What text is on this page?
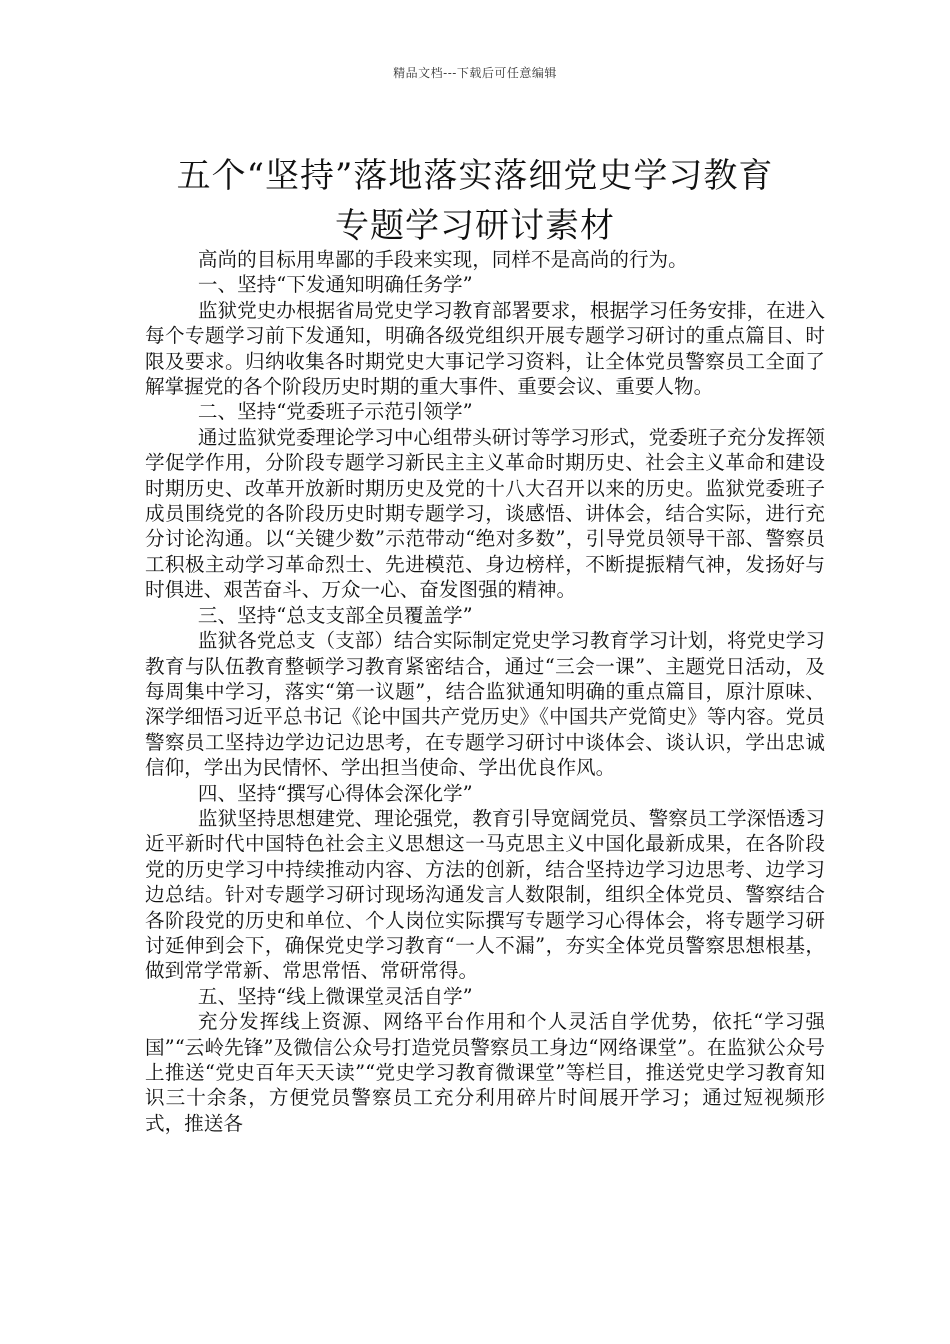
精品文档---下载后可任意编辑
五个“坚持”落地落实落细党史学习教育
专题学习研讨素材

高尚的目标用卑鄙的手段来实现，同样不是高尚的行为。

一、坚持“下发通知明确任务学”

监狱党史办根据省局党史学习教育部署要求，根据学习任务安排，在进入每个专题学习前下发通知，明确各级党组织开展专题学习研讨的重点篇目、时限及要求。归纳收集各时期党史大事记学习资料，让全体党员警察员工全面了解掌握党的各个阶段历史时期的重大事件、重要会议、重要人物。

二、坚持“党委班子示范引领学”

通过监狱党委理论学习中心组带头研讨等学习形式，党委班子充分发挥领学促学作用，分阶段专题学习新民主主义革命时期历史、社会主义革命和建设时期历史、改革开放新时期历史及党的十八大召开以来的历史。监狱党委班子成员围绕党的各阶段历史时期专题学习，谈感悟、讲体会，结合实际，进行充分讨论沟通。以“关键少数”示范带动“绝对多数”，引导党员领导干部、警察员工积极主动学习革命烈士、先进模范、身边榜样，不断提振精气神，发扬好与时俱进、艰苦奋斗、万众一心、奋发图强的精神。

三、坚持“总支支部全员覆盖学”

监狱各党总支（支部）结合实际制定党史学习教育学习计划，将党史学习教育与队伍教育整顿学习教育紧密结合，通过“三会一课”、主题党日活动，及每周集中学习，落实“第一议题”，结合监狱通知明确的重点篇目，原汁原味、深学细悟习近平总书记《论中国共产党历史》《中国共产党简史》等内容。党员警察员工坚持边学边记边思考，在专题学习研讨中谈体会、谈认识，学出忠诚信仰，学出为民情怀、学出担当使命、学出优良作风。

四、坚持“撰写心得体会深化学”

监狱坚持思想建党、理论强党，教育引导宽阔党员、警察员工学深悟透习近平新时代中国特色社会主义思想这一马克思主义中国化最新成果，在各阶段党的历史学习中持续推动内容、方法的创新，结合坚持边学习边思考、边学习边总结。针对专题学习研讨现场沟通发言人数限制，组织全体党员、警察结合各阶段党的历史和单位、个人岗位实际撰写专题学习心得体会，将专题学习研讨延伸到会下，确保党史学习教育“一人不漏”，夯实全体党员警察思想根基，做到常学常新、常思常悟、常研常得。

五、坚持“线上微课堂灵活自学”

充分发挥线上资源、网络平台作用和个人灵活自学优势，依托“学习强国”“云岭先锋”及微信公众号打造党员警察员工身边“网络课堂”。在监狱公众号上推送“党史百年天天读”“党史学习教育微课堂”等栏目，推送党史学习教育知识三十余条，方便党员警察员工充分利用碎片时间展开学习；通过短视频形式，推送各
